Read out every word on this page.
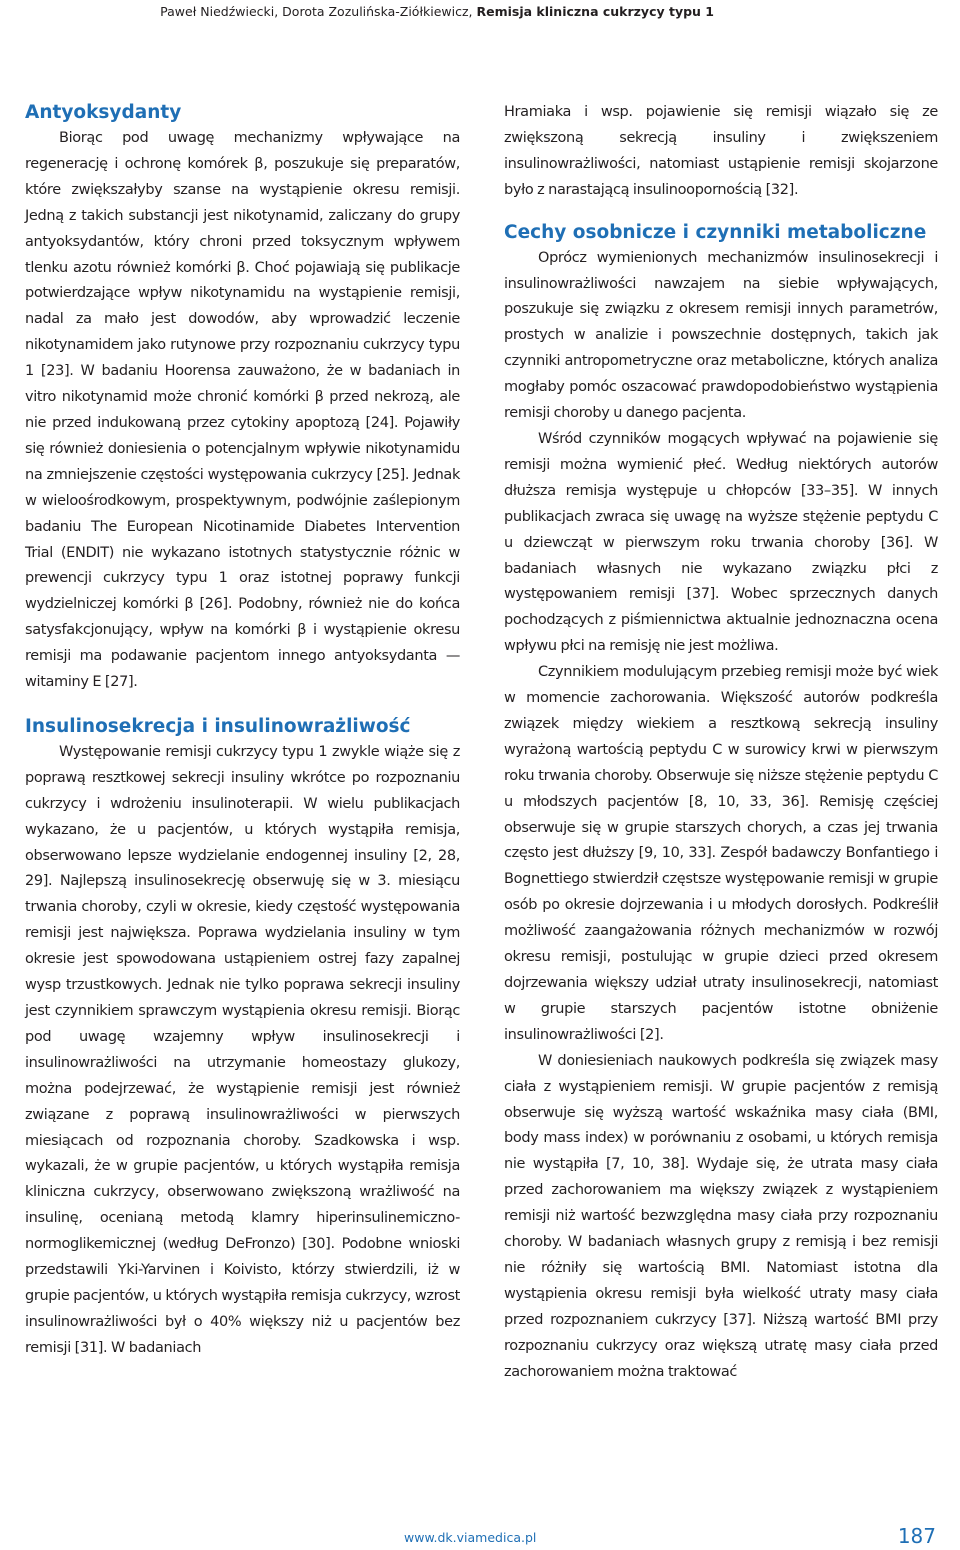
Paweł Niedźwiecki, Dorota Zozulińska-Ziółkiewicz, Remisja kliniczna cukrzycy typu 1
Antyoksydanty

Biorąc pod uwagę mechanizmy wpływające na regenerację i ochronę komórek β, poszukuje się preparatów, które zwiększałyby szanse na wystąpienie okresu remisji. Jedną z takich substancji jest nikotynamid, zaliczany do grupy antyoksydantów, który chroni przed toksycznym wpływem tlenku azotu również komórki β. Choć pojawiają się publikacje potwierdzające wpływ nikotynamidu na wystąpienie remisji, nadal za mało jest dowodów, aby wprowadzić leczenie nikotynamidem jako rutynowe przy rozpoznaniu cukrzycy typu 1 [23]. W badaniu Hoorensa zauważono, że w badaniach in vitro nikotynamid może chronić komórki β przed nekrozą, ale nie przed indukowaną przez cytokiny apoptozą [24]. Pojawiły się również doniesienia o potencjalnym wpływie nikotynamidu na zmniejszenie częstości występowania cukrzycy [25]. Jednak w wieloośrodkowym, prospektywnym, podwójnie zaślepionym badaniu The European Nicotinamide Diabetes Intervention Trial (ENDIT) nie wykazano istotnych statystycznie różnic w prewencji cukrzycy typu 1 oraz istotnej poprawy funkcji wydzielniczej komórki β [26]. Podobny, również nie do końca satysfakcjonujący, wpływ na komórki β i wystąpienie okresu remisji ma podawanie pacjentom innego antyoksydanta — witaminy E [27].

Insulinosekrecja i insulinowrażliwość

Występowanie remisji cukrzycy typu 1 zwykle wiąże się z poprawą resztkowej sekrecji insuliny wkrótce po rozpoznaniu cukrzycy i wdrożeniu insulinoterapii. W wielu publikacjach wykazano, że u pacjentów, u których wystąpiła remisja, obserwowano lepsze wydzielanie endogennej insuliny [2, 28, 29]. Najlepszą insulinosekrecję obserwuję się w 3. miesiącu trwania choroby, czyli w okresie, kiedy częstość występowania remisji jest największa. Poprawa wydzielania insuliny w tym okresie jest spowodowana ustąpieniem ostrej fazy zapalnej wysp trzustkowych. Jednak nie tylko poprawa sekrecji insuliny jest czynnikiem sprawczym wystąpienia okresu remisji. Biorąc pod uwagę wzajemny wpływ insulinosekrecji i insulinowrażliwości na utrzymanie homeostazy glukozy, można podejrzewać, że wystąpienie remisji jest również związane z poprawą insulinowrażliwości w pierwszych miesiącach od rozpoznania choroby. Szadkowska i wsp. wykazali, że w grupie pacjentów, u których wystąpiła remisja kliniczna cukrzycy, obserwowano zwiększoną wrażliwość na insulinę, ocenianą metodą klamry hiperinsulinemiczno-normoglikemicznej (według DeFronzo) [30]. Podobne wnioski przedstawili Yki-Yarvinen i Koivisto, którzy stwierdzili, iż w grupie pacjentów, u których wystąpiła remisja cukrzycy, wzrost insulinowrażliwości był o 40% większy niż u pacjentów bez remisji [31]. W badaniach

Hramiaka i wsp. pojawienie się remisji wiązało się ze zwiększoną sekrecją insuliny i zwiększeniem insulinowrażliwości, natomiast ustąpienie remisji skojarzone było z narastającą insulinoopornością [32].

Cechy osobnicze i czynniki metaboliczne

Oprócz wymienionych mechanizmów insulinosekrecji i insulinowrażliwości nawzajem na siebie wpływających, poszukuje się związku z okresem remisji innych parametrów, prostych w analizie i powszechnie dostępnych, takich jak czynniki antropometryczne oraz metaboliczne, których analiza mogłaby pomóc oszacować prawdopodobieństwo wystąpienia remisji choroby u danego pacjenta.

Wśród czynników mogących wpływać na pojawienie się remisji można wymienić płeć. Według niektórych autorów dłuższa remisja występuje u chłopców [33–35]. W innych publikacjach zwraca się uwagę na wyższe stężenie peptydu C u dziewcząt w pierwszym roku trwania choroby [36]. W badaniach własnych nie wykazano związku płci z występowaniem remisji [37]. Wobec sprzecznych danych pochodzących z piśmiennictwa aktualnie jednoznaczna ocena wpływu płci na remisję nie jest możliwa.

Czynnikiem modulującym przebieg remisji może być wiek w momencie zachorowania. Większość autorów podkreśla związek między wiekiem a resztkową sekrecją insuliny wyrażoną wartością peptydu C w surowicy krwi w pierwszym roku trwania choroby. Obserwuje się niższe stężenie peptydu C u młodszych pacjentów [8, 10, 33, 36]. Remisję częściej obserwuje się w grupie starszych chorych, a czas jej trwania często jest dłuższy [9, 10, 33]. Zespół badawczy Bonfantiego i Bognettiego stwierdził częstsze występowanie remisji w grupie osób po okresie dojrzewania i u młodych dorosłych. Podkreślił możliwość zaangażowania różnych mechanizmów w rozwój okresu remisji, postulując w grupie dzieci przed okresem dojrzewania większy udział utraty insulinosekrecji, natomiast w grupie starszych pacjentów istotne obniżenie insulinowrażliwości [2].

W doniesieniach naukowych podkreśla się związek masy ciała z wystąpieniem remisji. W grupie pacjentów z remisją obserwuje się wyższą wartość wskaźnika masy ciała (BMI, body mass index) w porównaniu z osobami, u których remisja nie wystąpiła [7, 10, 38]. Wydaje się, że utrata masy ciała przed zachorowaniem ma większy związek z wystąpieniem remisji niż wartość bezwzględna masy ciała przy rozpoznaniu choroby. W badaniach własnych grupy z remisją i bez remisji nie różniły się wartością BMI. Natomiast istotna dla wystąpienia okresu remisji była wielkość utraty masy ciała przed rozpoznaniem cukrzycy [37]. Niższą wartość BMI przy rozpoznaniu cukrzycy oraz większą utratę masy ciała przed zachorowaniem można traktować

www.dk.viamedica.pl	187
